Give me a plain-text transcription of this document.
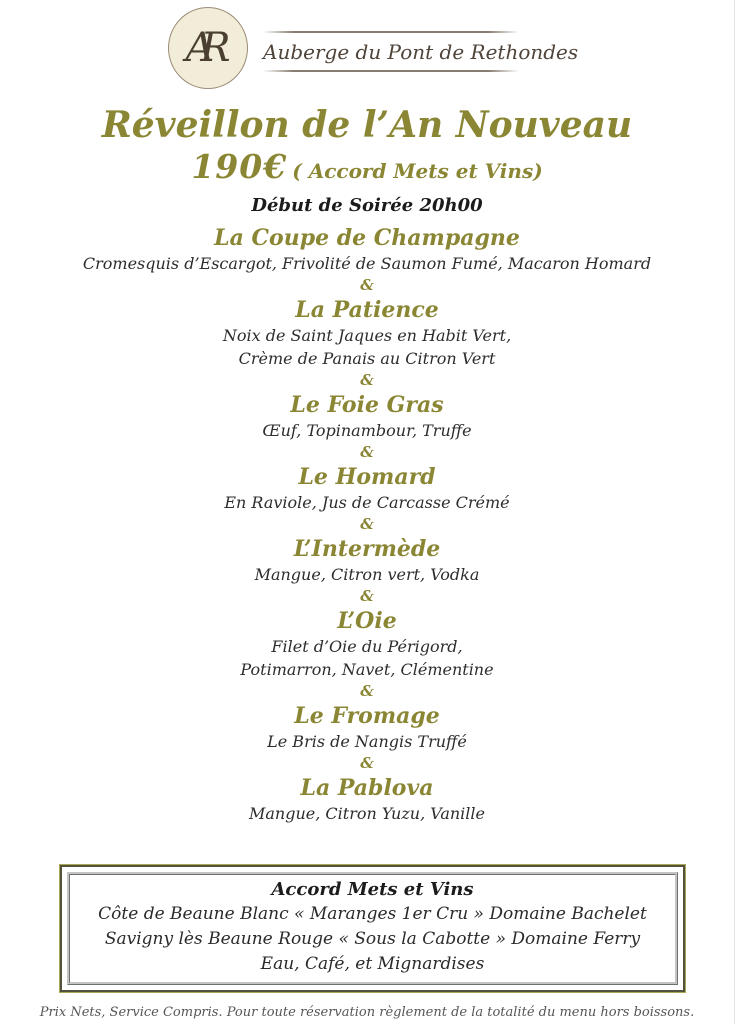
AR	Auberge du Pont de Rethondes
Réveillon de l’An Nouveau
190€ ( Accord Mets et Vins)
Début de Soirée 20h00
La Coupe de Champagne

Cromesquis d’Escargot, Frivolité de Saumon Fumé, Macaron Homard

&
La Patience

Noix de Saint Jaques en Habit Vert,

Crème de Panais au Citron Vert

&
Le Foie Gras

Œuf, Topinambour, Truffe

&
Le Homard

En Raviole, Jus de Carcasse Crémé

&
L’Intermède

Mangue, Citron vert, Vodka

&
L’Oie

Filet d’Oie du Périgord,

Potimarron, Navet, Clémentine

&
Le Fromage

Le Bris de Nangis Truffé

&
La Pablova

Mangue, Citron Yuzu, Vanille

Accord Mets et Vins

Côte de Beaune Blanc « Maranges 1er Cru » Domaine Bachelet

Savigny lès Beaune Rouge « Sous la Cabotte » Domaine Ferry

Eau, Café, et Mignardises

Prix Nets, Service Compris. Pour toute réservation règlement de la totalité du menu hors boissons.
